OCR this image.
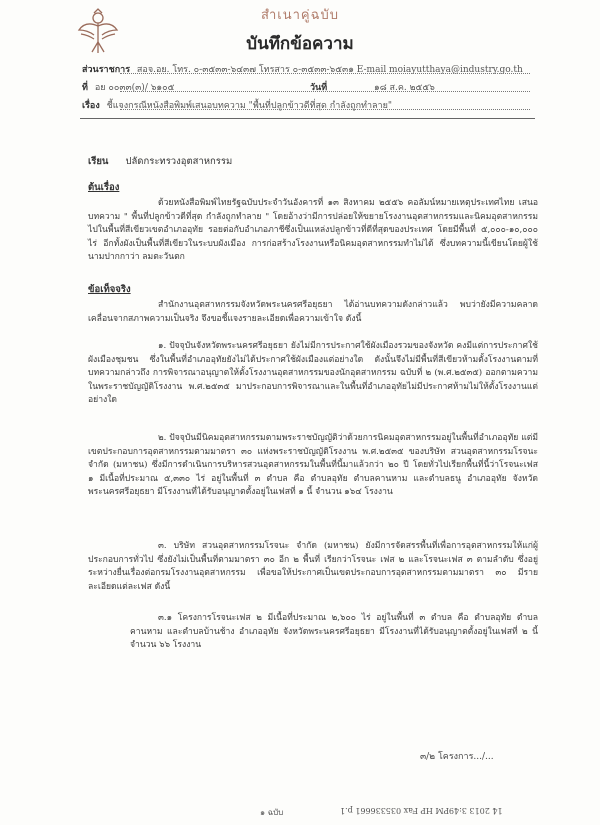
สำเนาคู่ฉบับ
บันทึกข้อความ
ส่วนราชการ สอจ.อย. โทร. ๐-๓๕๓๓-๖๔๓๗ โทรสาร ๐-๓๕๓๓-๖๕๓๑ E-mail moiayutthaya@industry.go.th
ที่ อย ๐๐๓๓(๓)/ ๖๑๐๕	วันที่	๑๘ ส.ค. ๒๕๕๖
เรื่อง ชี้แจงกรณีหนังสือพิมพ์เสนอบทความ "พื้นที่ปลูกข้าวดีที่สุด กำลังถูกทำลาย"
เรียน ปลัดกระทรวงอุตสาหกรรม
ต้นเรื่อง

ด้วยหนังสือพิมพ์ไทยรัฐฉบับประจำวันอังคารที่ ๑๓ สิงหาคม ๒๕๕๖ คอลัมน์หมายเหตุประเทศไทย เสนอบทความ " พื้นที่ปลูกข้าวดีที่สุด กำลังถูกทำลาย " โดยอ้างว่ามีการปล่อยให้ขยายโรงงานอุตสาหกรรมและนิคมอุตสาหกรรมไปในพื้นที่สีเขียวเขตอำเภออุทัย รอยต่อกับอำเภอภาชีซึ่งเป็นแหล่งปลูกข้าวที่ดีที่สุดของประเทศ โดยมีพื้นที่ ๕,๐๐๐-๑๐,๐๐๐ ไร่ อีกทั้งผังเป็นพื้นที่สีเขียวในระบบผังเมือง การก่อสร้างโรงงานหรือนิคมอุตสาหกรรมทำไม่ได้ ซึ่งบทความนี้เขียนโดยผู้ใช้นามปากกาว่า ลมตะวันตก

ข้อเท็จจริง

สำนักงานอุตสาหกรรมจังหวัดพระนครศรีอยุธยา ได้อ่านบทความดังกล่าวแล้ว พบว่ายังมีความคลาดเคลื่อนจากสภาพความเป็นจริง จึงขอชี้แจงรายละเอียดเพื่อความเข้าใจ ดังนี้

๑. ปัจจุบันจังหวัดพระนครศรีอยุธยา ยังไม่มีการประกาศใช้ผังเมืองรวมของจังหวัด คงมีแต่การประกาศใช้ผังเมืองชุมชน ซึ่งในพื้นที่อำเภออุทัยยังไม่ได้ประกาศใช้ผังเมืองแต่อย่างใด ดังนั้นจึงไม่มีพื้นที่สีเขียวห้ามตั้งโรงงานตามที่บทความกล่าวถึง การพิจารณาอนุญาตให้ตั้งโรงงานอุตสาหกรรมของนักอุตสาหกรรม ฉบับที่ ๒ (พ.ศ.๒๕๓๕) ออกตามความในพระราชบัญญัติโรงงาน พ.ศ.๒๕๓๕ มาประกอบการพิจารณาและในพื้นที่อำเภออุทัยไม่มีประกาศห้ามไม่ให้ตั้งโรงงานแต่อย่างใด

๒. ปัจจุบันมีนิคมอุตสาหกรรมตามพระราชบัญญัติว่าด้วยการนิคมอุตสาหกรรมอยู่ในพื้นที่อำเภออุทัย แต่มีเขตประกอบการอุตสาหกรรมตามมาตรา ๓๐ แห่งพระราชบัญญัติโรงงาน พ.ศ.๒๕๓๕ ของบริษัท สวนอุตสาหกรรมโรจนะ จำกัด (มหาชน) ซึ่งมีการดำเนินการบริหารสวนอุตสาหกรรมในพื้นที่นี้มาแล้วกว่า ๒๐ ปี โดยทั่วไปเรียกพื้นที่นี้ว่าโรจนะเฟส ๑ มีเนื้อที่ประมาณ ๕,๓๓๐ ไร่ อยู่ในพื้นที่ ๓ ตำบล คือ ตำบลอุทัย ตำบลคานหาม และตำบลธนู อำเภออุทัย จังหวัดพระนครศรีอยุธยา มีโรงงานที่ได้รับอนุญาตตั้งอยู่ในเฟสที่ ๑ นี้ จำนวน ๑๖๔ โรงงาน

๓. บริษัท สวนอุตสาหกรรมโรจนะ จำกัด (มหาชน) ยังมีการจัดสรรพื้นที่เพื่อการอุตสาหกรรมให้แก่ผู้ประกอบการทั่วไป ซึ่งยังไม่เป็นพื้นที่ตามมาตรา ๓๐ อีก ๒ พื้นที่ เรียกว่าโรจนะ เฟส ๒ และโรจนะเฟส ๓ ตามลำดับ ซึ่งอยู่ระหว่างยื่นเรื่องต่อกรมโรงงานอุตสาหกรรม เพื่อขอให้ประกาศเป็นเขตประกอบการอุตสาหกรรมตามมาตรา ๓๐ มีรายละเอียดแต่ละเฟส ดังนี้

๓.๑ โครงการโรจนะเฟส ๒ มีเนื้อที่ประมาณ ๒,๖๐๐ ไร่ อยู่ในพื้นที่ ๓ ตำบล คือ ตำบลอุทัย ตำบลคานหาม และตำบลบ้านช้าง อำเภออุทัย จังหวัดพระนครศรีอยุธยา มีโรงงานที่ได้รับอนุญาตตั้งอยู่ในเฟสที่ ๒ นี้ จำนวน ๖๖ โรงงาน

๓/๒ โครงการ.../...
๑ ฉบับ	14 2013 3:49PM HP Fax 035336661 p.1
